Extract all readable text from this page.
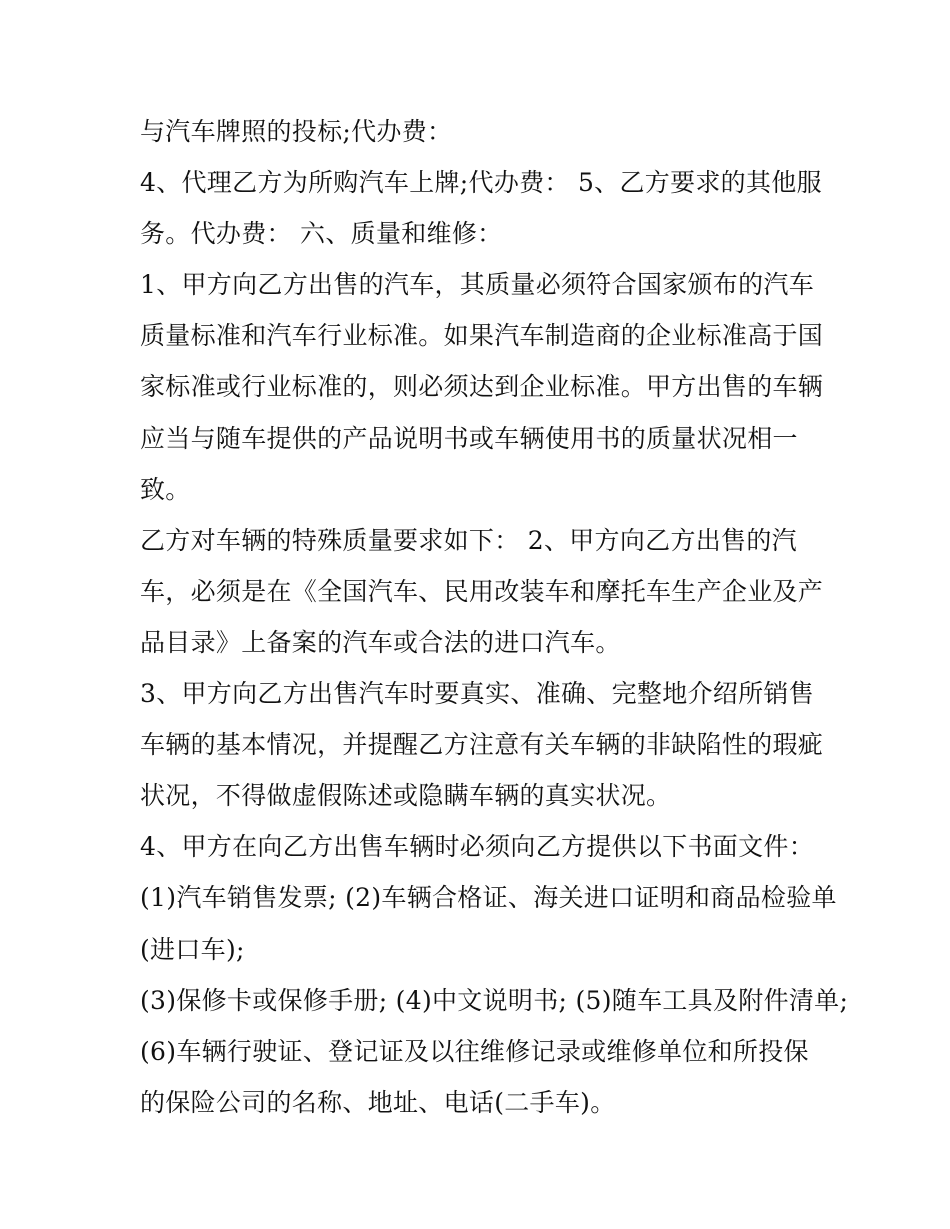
与汽车牌照的投标;代办费：
4、代理乙方为所购汽车上牌;代办费： 5、乙方要求的其他服
务。代办费： 六、质量和维修：
1、甲方向乙方出售的汽车，其质量必须符合国家颁布的汽车
质量标准和汽车行业标准。如果汽车制造商的企业标准高于国
家标准或行业标准的，则必须达到企业标准。甲方出售的车辆
应当与随车提供的产品说明书或车辆使用书的质量状况相一
致。
乙方对车辆的特殊质量要求如下： 2、甲方向乙方出售的汽
车，必须是在《全国汽车、民用改装车和摩托车生产企业及产
品目录》上备案的汽车或合法的进口汽车。
3、甲方向乙方出售汽车时要真实、准确、完整地介绍所销售
车辆的基本情况，并提醒乙方注意有关车辆的非缺陷性的瑕疵
状况，不得做虚假陈述或隐瞒车辆的真实状况。
4、甲方在向乙方出售车辆时必须向乙方提供以下书面文件：
(1)汽车销售发票; (2)车辆合格证、海关进口证明和商品检验单
(进口车);
(3)保修卡或保修手册; (4)中文说明书; (5)随车工具及附件清单;
(6)车辆行驶证、登记证及以往维修记录或维修单位和所投保
的保险公司的名称、地址、电话(二手车)。
